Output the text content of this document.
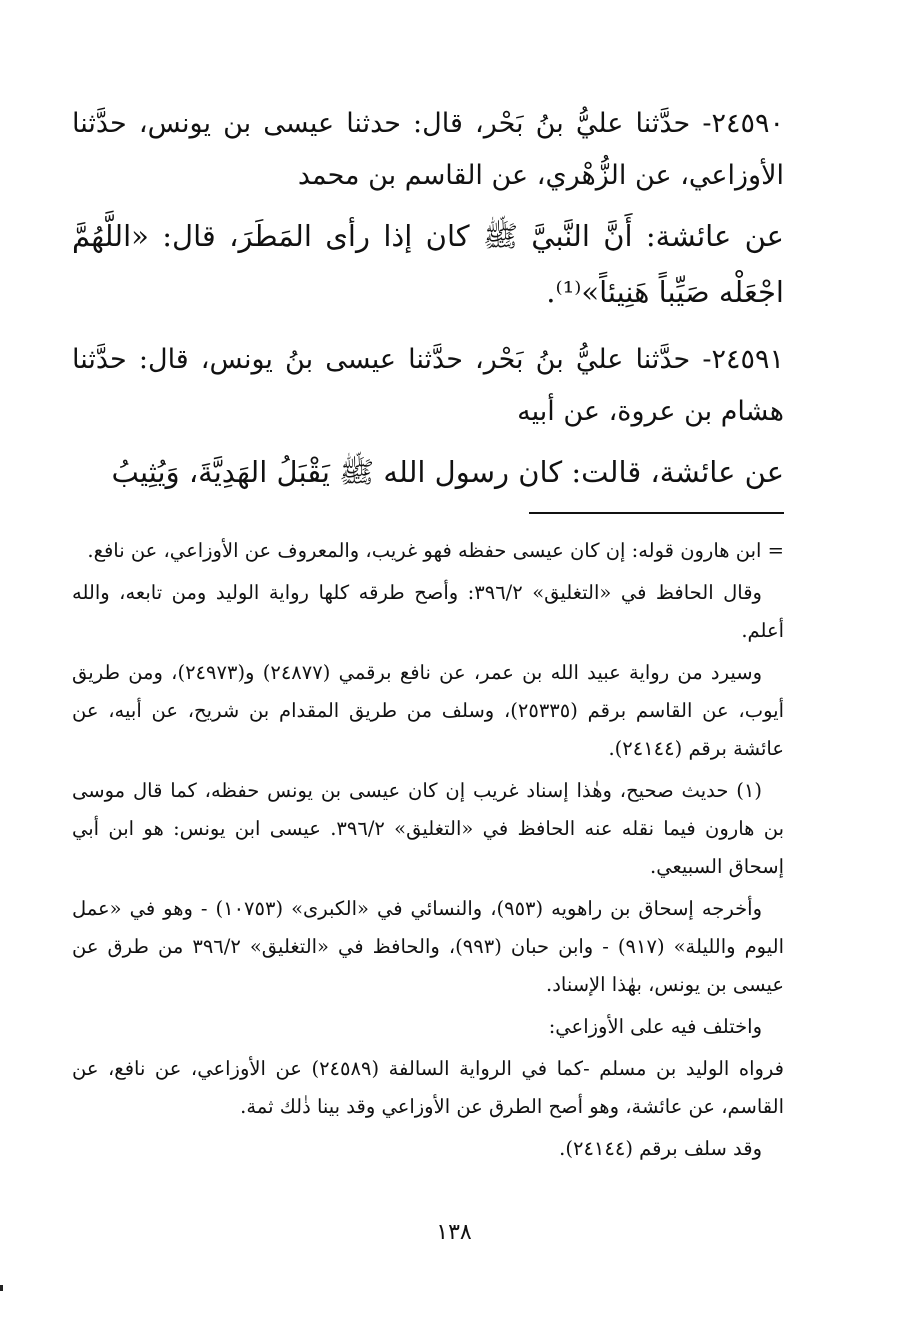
٢٤٥٩٠- حدَّثنا عليُّ بنُ بَحْر، قال: حدثنا عيسى بن يونس، حدَّثنا الأوزاعي، عن الزُّهْري، عن القاسم بن محمد

عن عائشة: أَنَّ النَّبيَّ ﷺ كان إذا رأى المَطَرَ، قال: «اللَّهُمَّ اجْعَلْه صَيِّباً هَنِيئاً»⁽¹⁾.

٢٤٥٩١- حدَّثنا عليُّ بنُ بَحْر، حدَّثنا عيسى بنُ يونس، قال: حدَّثنا هشام بن عروة، عن أبيه

عن عائشة، قالت: كان رسول الله ﷺ يَقْبَلُ الهَدِيَّةَ، وَيُثِيبُ

= ابن هارون قوله: إن كان عيسى حفظه فهو غريب، والمعروف عن الأوزاعي، عن نافع.

وقال الحافظ في «التغليق» ٣٩٦/٢: وأصح طرقه كلها رواية الوليد ومن تابعه، والله أعلم.

وسيرد من رواية عبيد الله بن عمر، عن نافع برقمي (٢٤٨٧٧) و(٢٤٩٧٣)، ومن طريق أيوب، عن القاسم برقم (٢٥٣٣٥)، وسلف من طريق المقدام بن شريح، عن أبيه، عن عائشة برقم (٢٤١٤٤).

(١) حديث صحيح، وهٰذا إسناد غريب إن كان عيسى بن يونس حفظه، كما قال موسى بن هارون فيما نقله عنه الحافظ في «التغليق» ٣٩٦/٢. عيسى ابن يونس: هو ابن أبي إسحاق السبيعي.

وأخرجه إسحاق بن راهويه (٩٥٣)، والنسائي في «الكبرى» (١٠٧٥٣) - وهو في «عمل اليوم والليلة» (٩١٧) - وابن حبان (٩٩٣)، والحافظ في «التغليق» ٣٩٦/٢ من طرق عن عيسى بن يونس، بهٰذا الإسناد.

واختلف فيه على الأوزاعي:

فرواه الوليد بن مسلم -كما في الرواية السالفة (٢٤٥٨٩) عن الأوزاعي، عن نافع، عن القاسم، عن عائشة، وهو أصح الطرق عن الأوزاعي وقد بينا ذٰلك ثمة.

وقد سلف برقم (٢٤١٤٤).

١٣٨
